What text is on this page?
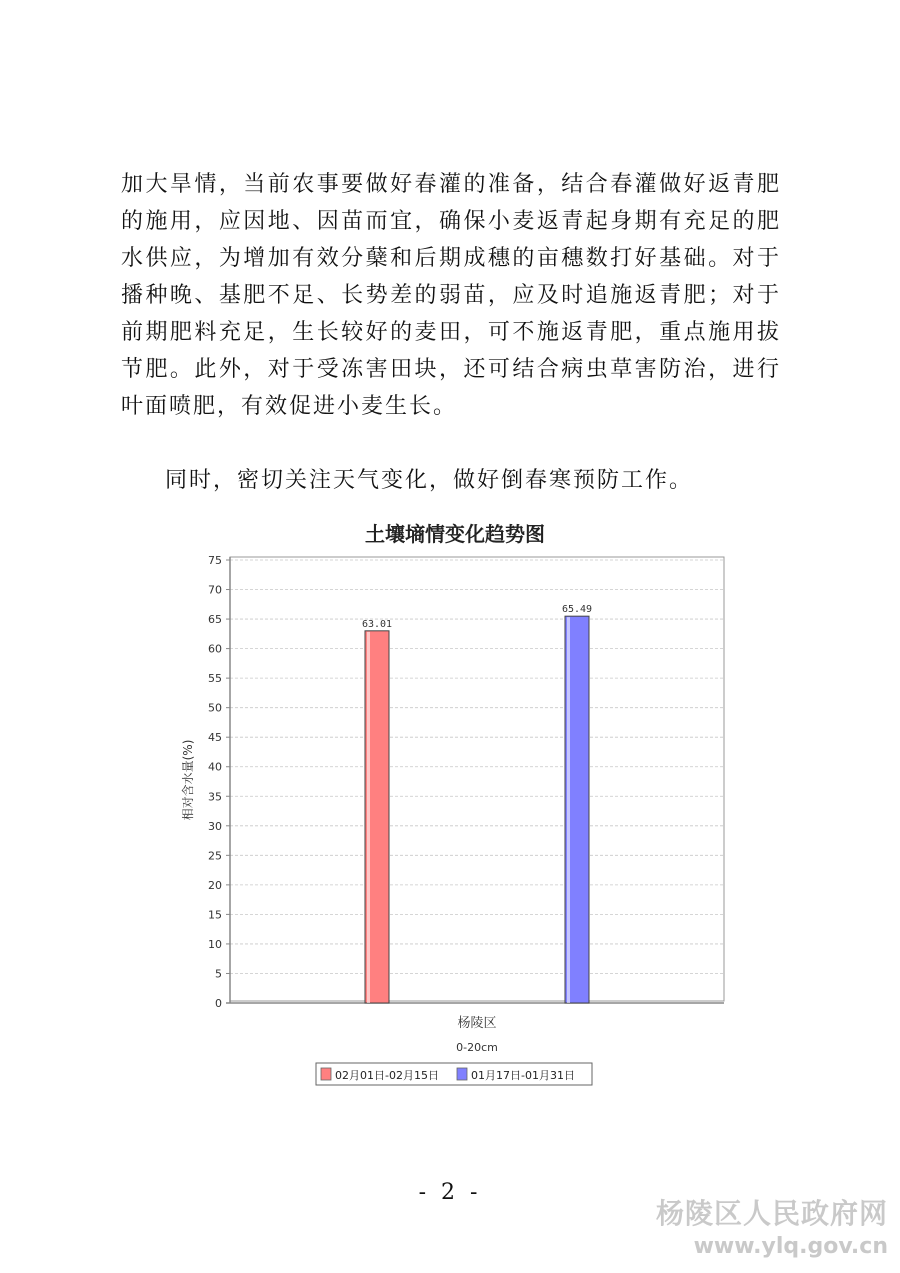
加大旱情，当前农事要做好春灌的准备，结合春灌做好返青肥的施用，应因地、因苗而宜，确保小麦返青起身期有充足的肥水供应，为增加有效分蘖和后期成穗的亩穗数打好基础。对于播种晚、基肥不足、长势差的弱苗，应及时追施返青肥；对于前期肥料充足，生长较好的麦田，可不施返青肥，重点施用拔节肥。此外，对于受冻害田块，还可结合病虫草害防治，进行叶面喷肥，有效促进小麦生长。

同时，密切关注天气变化，做好倒春寒预防工作。

土壤墒情变化趋势图
0
5
10
15
20
25
30
35
40
45
50
55
60
65
70
75
63.01
65.49
相对含水量(%)
杨陵区
0-20cm
02月01日-02月15日	01月17日-01月31日
- 2 -
杨陵区人民政府网
www.ylq.gov.cn
